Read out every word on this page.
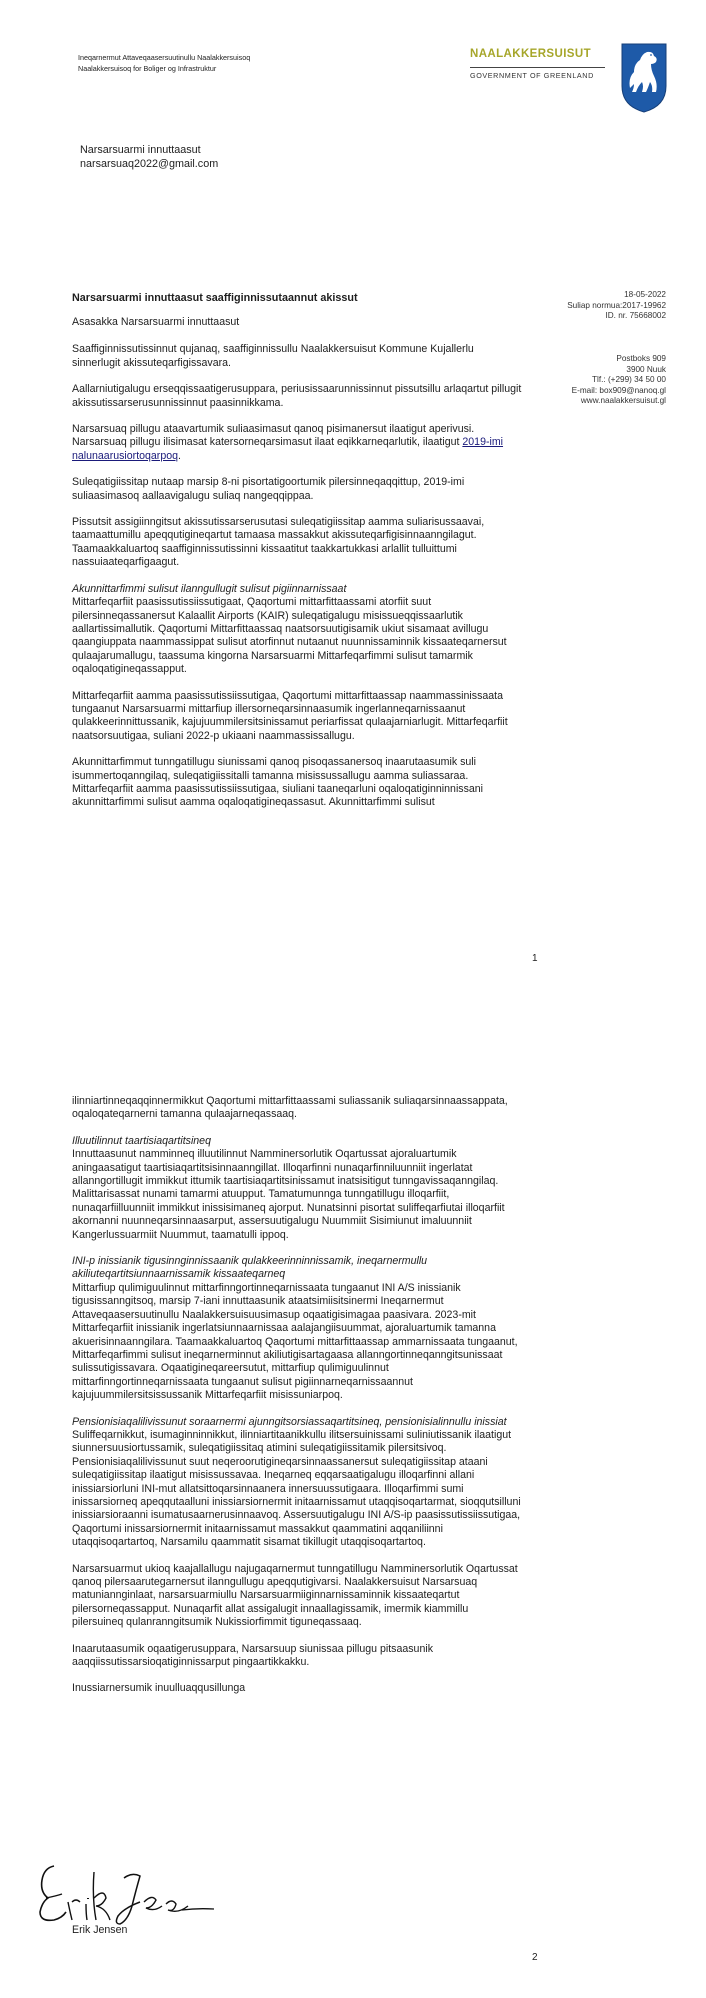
Ineqarnermut Attaveqaasersuutinullu Naalakkersuisoq
Naalakkersuisoq for Boliger og Infrastruktur
NAALAKKERSUISUT
GOVERNMENT OF GREENLAND
Narsarsuarmi innuttaasut
narsarsuaq2022@gmail.com
Narsarsuarmi innuttaasut saaffiginnissutaannut akissut	18-05-2022
Suliap normua:2017-19962
ID. nr. 75668002
Postboks 909
3900 Nuuk
Tlf.: (+299) 34 50 00
E-mail: box909@nanoq.gl
www.naalakkersuisut.gl

Asasakka Narsarsuarmi innuttaasut

Saaffiginnissutissinnut qujanaq, saaffiginnissullu Naalakkersuisut Kommune Kujallerlu sinnerlugit akissuteqarfigissavara.

Aallarniutigalugu erseqqissaatigerusuppara, periusissaarunnissinnut pissutsillu arlaqartut pillugit akissutissarserusunnissinnut paasinnikkama.

Narsarsuaq pillugu ataavartumik suliaasimasut qanoq pisimanersut ilaatigut aperivusi. Narsarsuaq pillugu ilisimasat katersorneqarsimasut ilaat eqikkarneqarlutik, ilaatigut 2019-imi nalunaarusiortoqarpoq.

Suleqatigiissitap nutaap marsip 8-ni pisortatigoortumik pilersinneqaqqittup, 2019-imi suliaasimasoq aallaavigalugu suliaq nangeqqippaa.

Pissutsit assigiinngitsut akissutissarserusutasi suleqatigiissitap aamma suliarisussaavai, taamaattumillu apeqqutigineqartut tamaasa massakkut akissuteqarfigisinnaanngilagut. Taamaakkaluartoq saaffiginnissutissinni kissaatitut taakkartukkasi arlallit tulluittumi nassuiaateqarfigaagut.

Akunnittarfimmi sulisut ilanngullugit sulisut pigiinnarnissaat

Mittarfeqarfiit paasissutissiissutigaat, Qaqortumi mittarfittaassami atorfiit suut pilersinneqassanersut Kalaallit Airports (KAIR) suleqatigalugu misissueqqissaarlutik aallartissimallutik. Qaqortumi Mittarfittaassaq naatsorsuutigisamik ukiut sisamaat avillugu qaangiuppata naammassippat sulisut atorfinnut nutaanut nuunnissaminnik kissaateqarnersut qulaajarumallugu, taassuma kingorna Narsarsuarmi Mittarfeqarfimmi sulisut tamarmik oqaloqatigineqassapput.

Mittarfeqarfiit aamma paasissutissiissutigaa, Qaqortumi mittarfittaassap naammassinissaata tungaanut Narsarsuarmi mittarfiup illersorneqarsinnaasumik ingerlanneqarnissaanut qulakkeerinnittussanik, kajujuummilersitsinissamut periarfissat qulaajarniarlugit. Mittarfeqarfiit naatsorsuutigaa, suliani 2022-p ukiaani naammassissallugu.

Akunnittarfimmut tunngatillugu siunissami qanoq pisoqassanersoq inaarutaasumik suli isummertoqanngilaq, suleqatigiissitalli tamanna misissussallugu aamma suliassaraa. Mittarfeqarfiit aamma paasissutissiissutigaa, siuliani taaneqarluni oqaloqatiginninnissani akunnittarfimmi sulisut aamma oqaloqatigineqassasut. Akunnittarfimmi sulisut

1

ilinniartinneqaqqinnermikkut Qaqortumi mittarfittaassami suliassanik suliaqarsinnaassappata, oqaloqateqarnerni tamanna qulaajarneqassaaq.

Illuutilinnut taartisiaqartitsineq

Innuttaasunut namminneq illuutilinnut Namminersorlutik Oqartussat ajoraluartumik aningaasatigut taartisiaqartitsisinnaanngillat. Illoqarfinni nunaqarfinniluunniit ingerlatat allanngortillugit immikkut ittumik taartisiaqartitsinissamut inatsisitigut tunngavissaqanngilaq. Malittarisassat nunami tamarmi atuupput. Tamatumunnga tunngatillugu illoqarfiit, nunaqarfiilluunniit immikkut inissisimaneq ajorput. Nunatsinni pisortat suliffeqarfiutai illoqarfiit akornanni nuunneqarsinnaasarput, assersuutigalugu Nuummiit Sisimiunut imaluunniit Kangerlussuarmiit Nuummut, taamatulli ippoq.

INI-p inissianik tigusinnginnissaanik qulakkeerinninnissamik, ineqarnermullu akiliuteqartitsiunnaarnissamik kissaateqarneq

Mittarfiup qulimiguulinnut mittarfinngortinneqarnissaata tungaanut INI A/S inissianik tigusissanngitsoq, marsip 7-iani innuttaasunik ataatsimiisitsinermi Ineqarnermut Attaveqaasersuutinullu Naalakkersuisuusimasup oqaatigisimagaa paasivara. 2023-mit Mittarfeqarfiit inissianik ingerlatsiunnaarnissaa aalajangiisuummat, ajoraluartumik tamanna akuerisinnaanngilara. Taamaakkaluartoq Qaqortumi mittarfittaassap ammarnissaata tungaanut, Mittarfeqarfimmi sulisut ineqarnerminnut akiliutigisartagaasa allanngortinneqanngitsunissaat sulissutigissavara. Oqaatigineqareersutut, mittarfiup qulimiguulinnut mittarfinngortinneqarnissaata tungaanut sulisut pigiinnarneqarnissaannut kajujuummilersitsissussanik Mittarfeqarfiit misissuniarpoq.

Pensionisiaqalilivissunut soraarnermi ajunngitsorsiassaqartitsineq, pensionisialinnullu inissiat

Suliffeqarnikkut, isumaginninnikkut, ilinniartitaanikkullu ilitsersuinissami suliniutissanik ilaatigut siunnersuusiortussamik, suleqatigiissitaq atimini suleqatigiissitamik pilersitsivoq. Pensionisiaqalilivissunut suut neqeroorutigineqarsinnaassanersut suleqatigiissitap ataani suleqatigiissitap ilaatigut misissussavaa. Ineqarneq eqqarsaatigalugu illoqarfinni allani inissiarsiorluni INI-mut allatsittoqarsinnaanera innersuussutigaara. Illoqarfimmi sumi inissarsiorneq apeqqutaalluni inissiarsiornermit initaarnissamut utaqqisoqartarmat, sioqqutsilluni inissiarsioraanni isumatusaarnerusinnaavoq. Assersuutigalugu INI A/S-ip paasissutissiissutigaa, Qaqortumi inissarsiornermit initaarnissamut massakkut qaammatini aqqaniliinni utaqqisoqartartoq, Narsamilu qaammatit sisamat tikillugit utaqqisoqartartoq.

Narsarsuarmut ukioq kaajallallugu najugaqarnermut tunngatillugu Namminersorlutik Oqartussat qanoq pilersaarutegarnersut ilanngullugu apeqqutigivarsi. Naalakkersuisut Narsarsuaq matuniannginlaat, narsarsuarmiullu Narsarsuarmiiginnarnissaminnik kissaateqartut pilersorneqassapput. Nunaqarfit allat assigalugit innaallagissamik, imermik kiammillu pilersuineq qulanranngitsumik Nukissiorfimmit tiguneqassaaq.

Inaarutaasumik oqaatigerusuppara, Narsarsuup siunissaa pillugu pitsaasunik aaqqiissutissarsioqatiginnissarput pingaartikkakku.

Inussiarnersumik inuulluaqqusillunga
Erik Jensen
2
